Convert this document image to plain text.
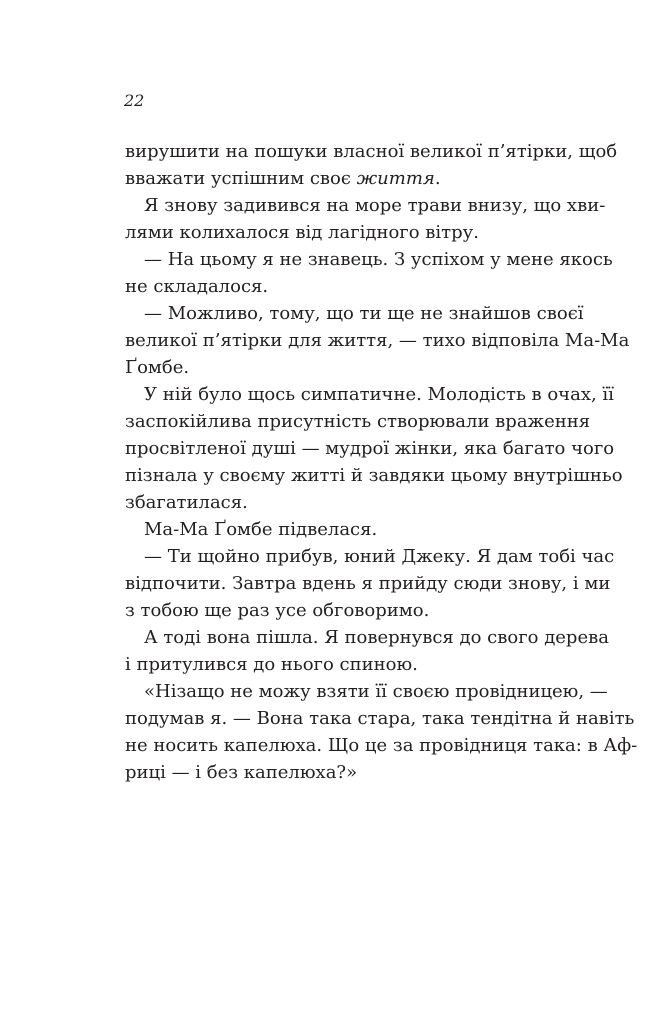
22

вирушити на пошуки власної великої п’ятірки, щоб
вважати успішним своє життя.

Я знову задивився на море трави внизу, що хви-
лями колихалося від лагідного вітру.

— На цьому я не знавець. З успіхом у мене якось
не складалося.

— Можливо, тому, що ти ще не знайшов своєї
великої п’ятірки для життя, — тихо відповіла Ма-Ма
Ґомбе.

У ній було щось симпатичне. Молодість в очах, її
заспокійлива присутність створювали враження
просвітленої душі — мудрої жінки, яка багато чого
пізнала у своєму житті й завдяки цьому внутрішньо
збагатилася.

Ма-Ма Ґомбе підвелася.

— Ти щойно прибув, юний Джеку. Я дам тобі час
відпочити. Завтра вдень я прийду сюди знову, і ми
з тобою ще раз усе обговоримо.

А тоді вона пішла. Я повернувся до свого дерева
і притулився до нього спиною.

«Нізащо не можу взяти її своєю провідницею, —
подумав я. — Вона така стара, така тендітна й навіть
не носить капелюха. Що це за провідниця така: в Аф-
риці — і без капелюха?»
